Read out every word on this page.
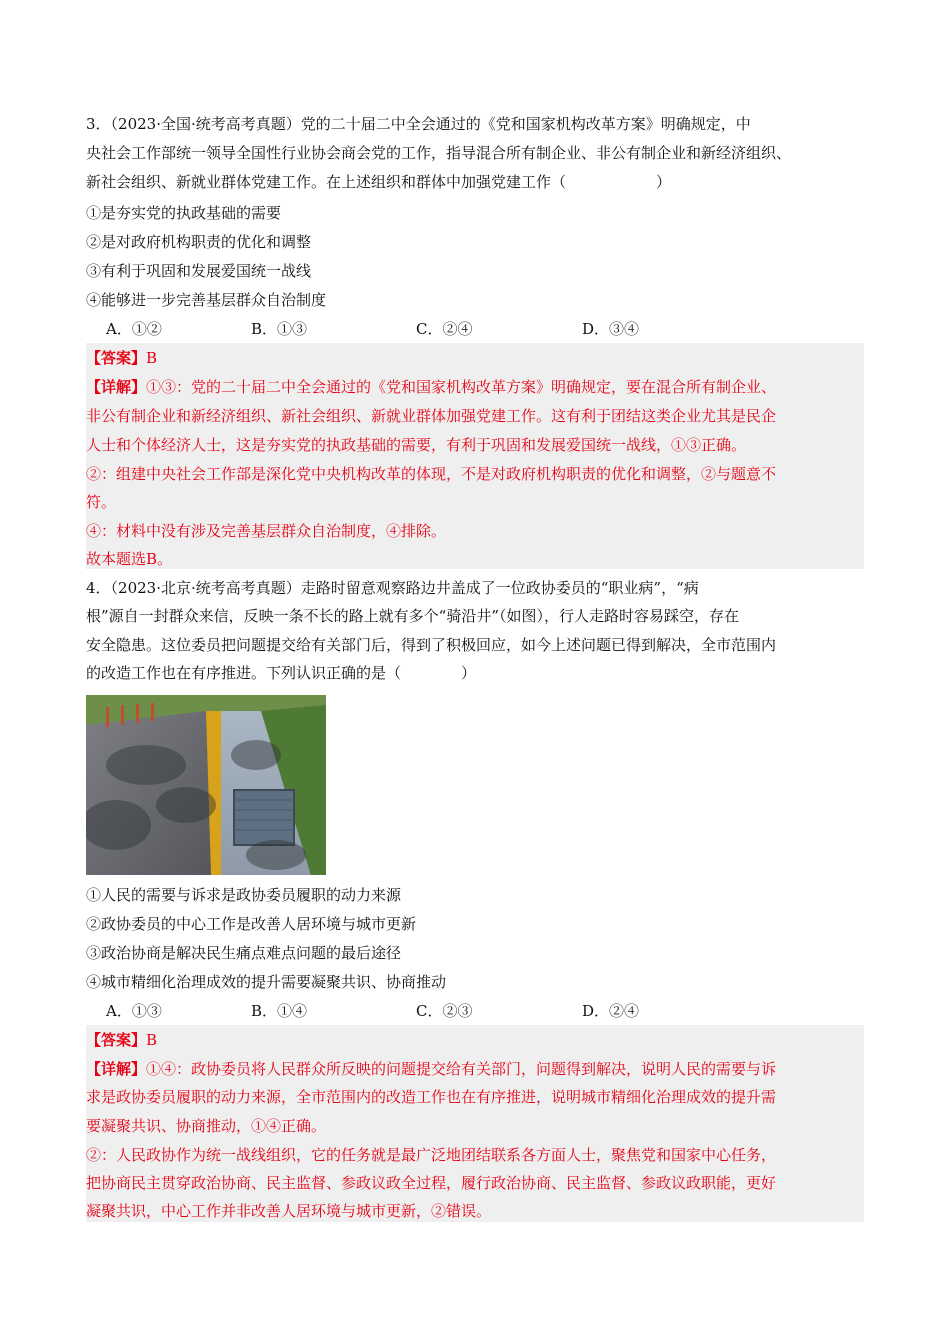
3．（2023·全国·统考高考真题）党的二十届二中全会通过的《党和国家机构改革方案》明确规定，中
央社会工作部统一领导全国性行业协会商会党的工作，指导混合所有制企业、非公有制企业和新经济组织、
新社会组织、新就业群体党建工作。在上述组织和群体中加强党建工作（　　　　　　）
①是夯实党的执政基础的需要
②是对政府机构职责的优化和调整
③有利于巩固和发展爱国统一战线
④能够进一步完善基层群众自治制度
A．①②	B．①③	C．②④	D．③④
【答案】B
【详解】①③：党的二十届二中全会通过的《党和国家机构改革方案》明确规定，要在混合所有制企业、
非公有制企业和新经济组织、新社会组织、新就业群体加强党建工作。这有利于团结这类企业尤其是民企
人士和个体经济人士，这是夯实党的执政基础的需要，有利于巩固和发展爱国统一战线，①③正确。
②：组建中央社会工作部是深化党中央机构改革的体现，不是对政府机构职责的优化和调整，②与题意不
符。
④：材料中没有涉及完善基层群众自治制度，④排除。
故本题选B。
4．（2023·北京·统考高考真题）走路时留意观察路边井盖成了一位政协委员的“职业病”，“病
根”源自一封群众来信，反映一条不长的路上就有多个“骑沿井”（如图），行人走路时容易踩空，存在
安全隐患。这位委员把问题提交给有关部门后，得到了积极回应，如今上述问题已得到解决，全市范围内
的改造工作也在有序推进。下列认识正确的是（　　　　）
①人民的需要与诉求是政协委员履职的动力来源
②政协委员的中心工作是改善人居环境与城市更新
③政治协商是解决民生痛点难点问题的最后途径
④城市精细化治理成效的提升需要凝聚共识、协商推动
A．①③	B．①④	C．②③	D．②④
【答案】B
【详解】①④：政协委员将人民群众所反映的问题提交给有关部门，问题得到解决，说明人民的需要与诉
求是政协委员履职的动力来源，全市范围内的改造工作也在有序推进，说明城市精细化治理成效的提升需
要凝聚共识、协商推动，①④正确。
②：人民政协作为统一战线组织，它的任务就是最广泛地团结联系各方面人士，聚焦党和国家中心任务，
把协商民主贯穿政治协商、民主监督、参政议政全过程，履行政治协商、民主监督、参政议政职能，更好
凝聚共识，中心工作并非改善人居环境与城市更新，②错误。
